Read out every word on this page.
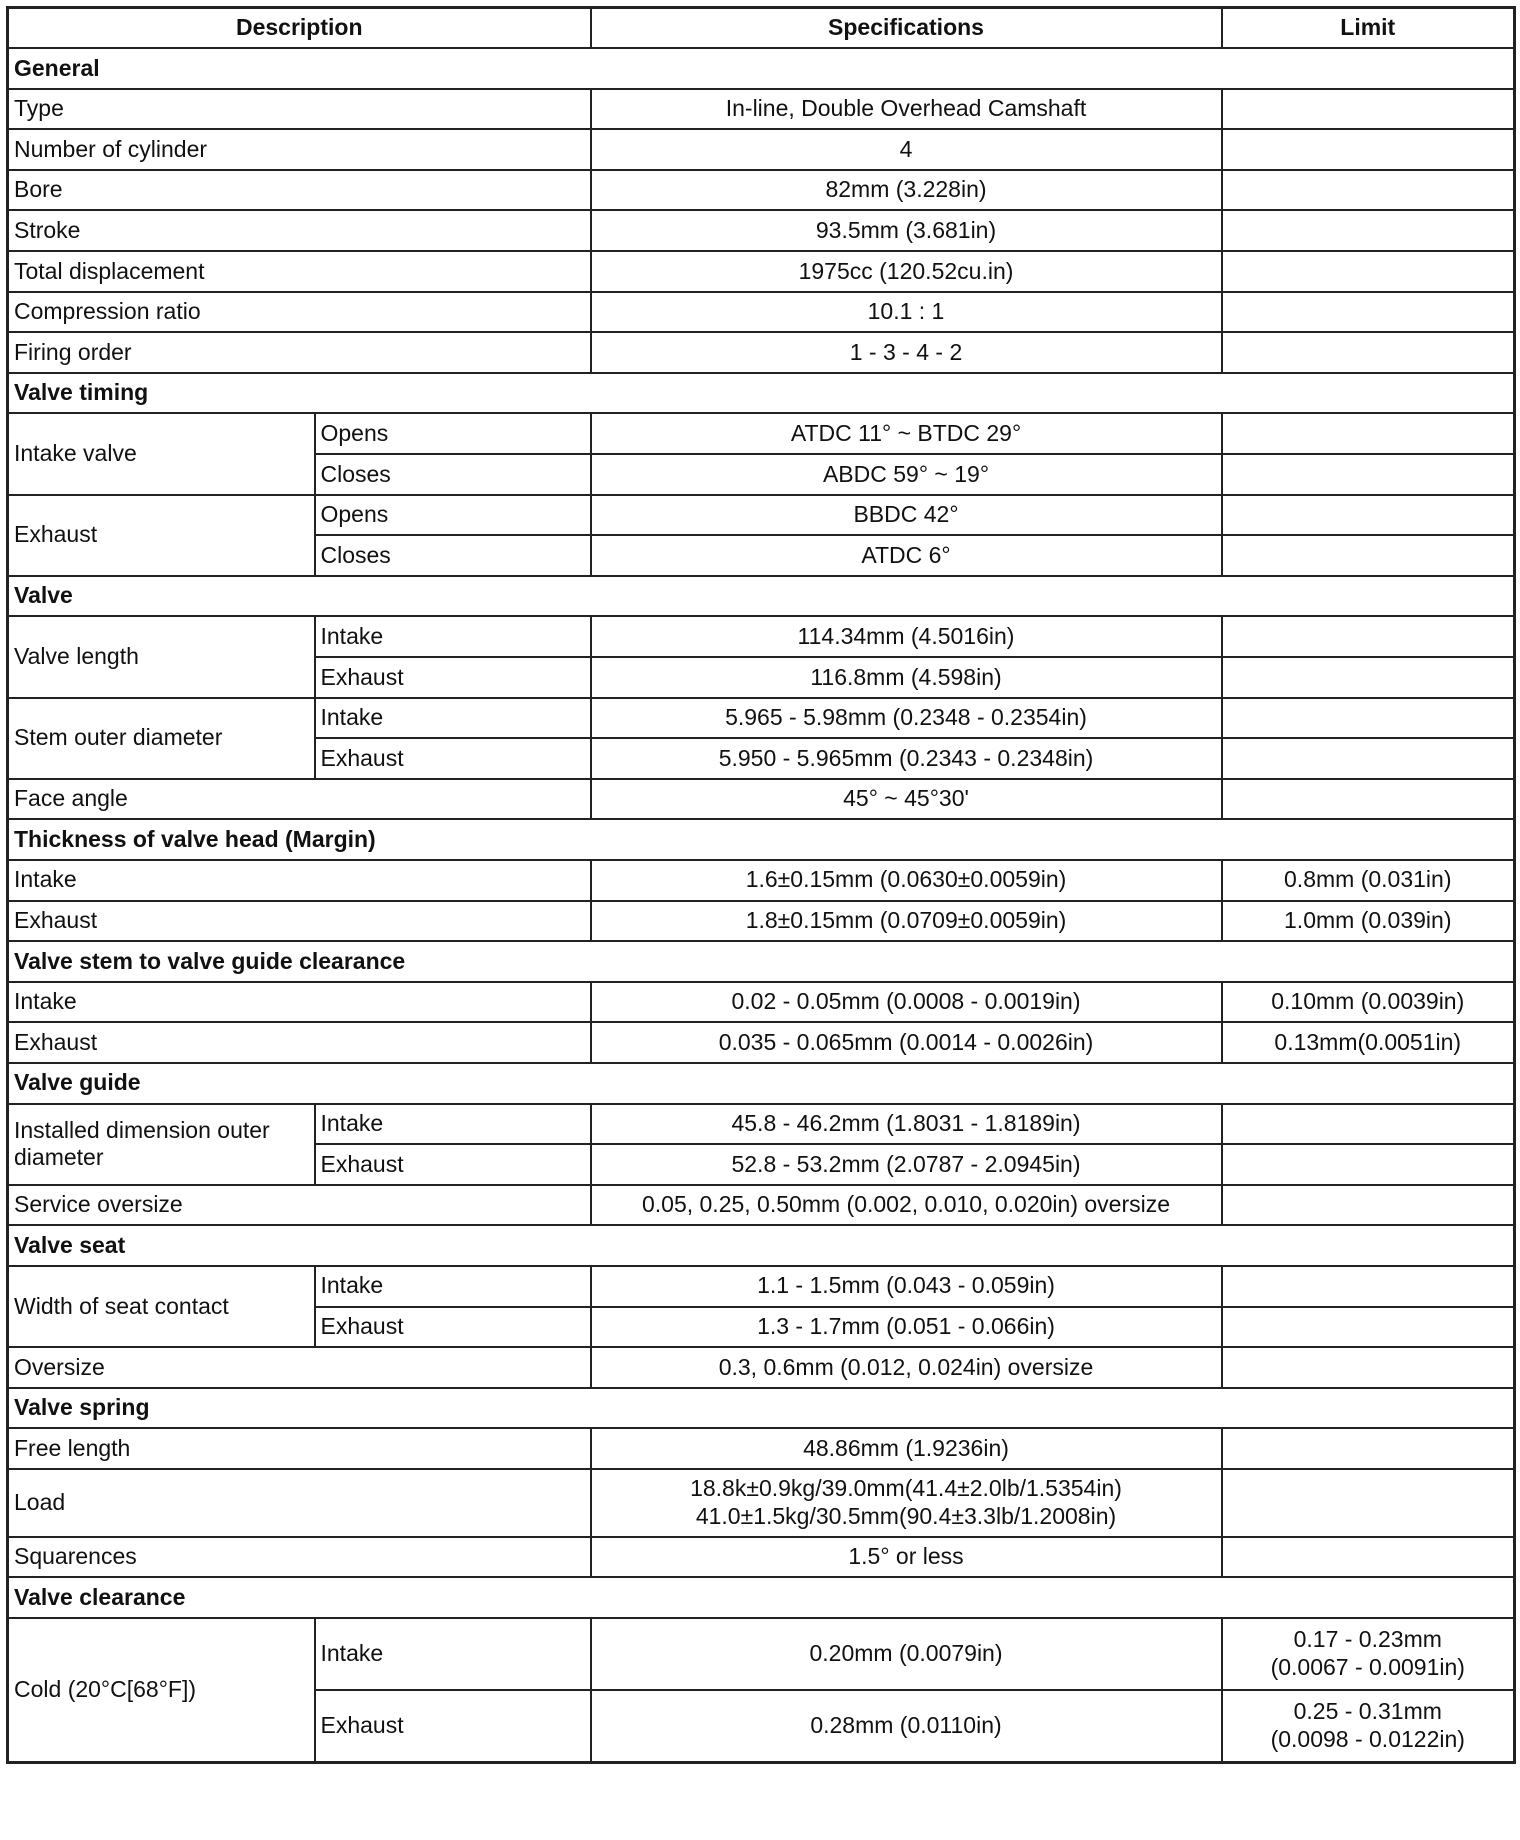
Description		Specifications	Limit
General			
Type		In-line, Double Overhead Camshaft	
Number of cylinder		4	
Bore		82mm (3.228in)	
Stroke		93.5mm (3.681in)	
Total displacement		1975cc (120.52cu.in)	
Compression ratio		10.1 : 1	
Firing order		1 - 3 - 4 - 2	
Valve timing			
Intake valve	Opens	ATDC 11° ~ BTDC 29°	
	Closes	ABDC 59° ~ 19°	
Exhaust	Opens	BBDC 42°	
	Closes	ATDC 6°	
Valve			
Valve length	Intake	114.34mm (4.5016in)	
	Exhaust	116.8mm (4.598in)	
Stem outer diameter	Intake	5.965 - 5.98mm (0.2348 - 0.2354in)	
	Exhaust	5.950 - 5.965mm (0.2343 - 0.2348in)	
Face angle		45° ~ 45°30'	
Thickness of valve head (Margin)			
Intake		1.6±0.15mm (0.0630±0.0059in)	0.8mm (0.031in)
Exhaust		1.8±0.15mm (0.0709±0.0059in)	1.0mm (0.039in)
Valve stem to valve guide clearance			
Intake		0.02 - 0.05mm (0.0008 - 0.0019in)	0.10mm (0.0039in)
Exhaust		0.035 - 0.065mm (0.0014 - 0.0026in)	0.13mm(0.0051in)
Valve guide			
Installed dimension outer diameter	Intake	45.8 - 46.2mm (1.8031 - 1.8189in)	
	Exhaust	52.8 - 53.2mm (2.0787 - 2.0945in)	
Service oversize		0.05, 0.25, 0.50mm (0.002, 0.010, 0.020in) oversize	
Valve seat			
Width of seat contact	Intake	1.1 - 1.5mm (0.043 - 0.059in)	
	Exhaust	1.3 - 1.7mm (0.051 - 0.066in)	
Oversize		0.3, 0.6mm (0.012, 0.024in) oversize	
Valve spring			
Free length		48.86mm (1.9236in)	
Load		18.8k±0.9kg/39.0mm(41.4±2.0lb/1.5354in)
41.0±1.5kg/30.5mm(90.4±3.3lb/1.2008in)	

Squarences		1.5° or less	
Valve clearance			
Cold (20°C[68°F])	Intake	0.20mm (0.0079in)	0.17 - 0.23mm
(0.0067 - 0.0091in)

	Exhaust	0.28mm (0.0110in)	0.25 - 0.31mm
(0.0098 - 0.0122in)
